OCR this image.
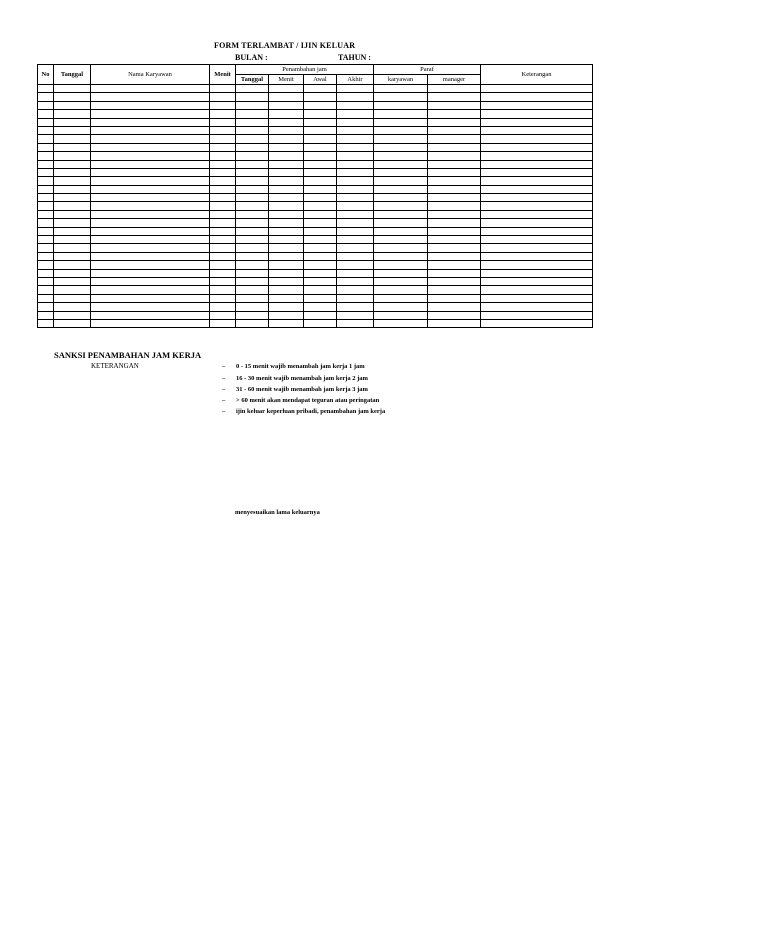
FORM TERLAMBAT / IJIN KELUAR
BULAN :	TAHUN :
No	Tanggal	Nama Karyawan	Menit	Penambahan jam				Paraf		Keterangan
				Tanggal	Menit	Awal	Akhir	karyawan	manager	

SANKSI PENAMBAHAN JAM KERJA
KETERANGAN	– 0 - 15 menit wajib menambah jam kerja 1 jam
– 16 - 30 menit wajib menambah jam kerja 2 jam
– 31 - 60 menit wajib menambah jam kerja 3 jam
– > 60 menit akan mendapat teguran atau peringatan
– ijin keluar keperluan pribadi, penambahan jam kerja
menyesuaikan lama keluarnya
